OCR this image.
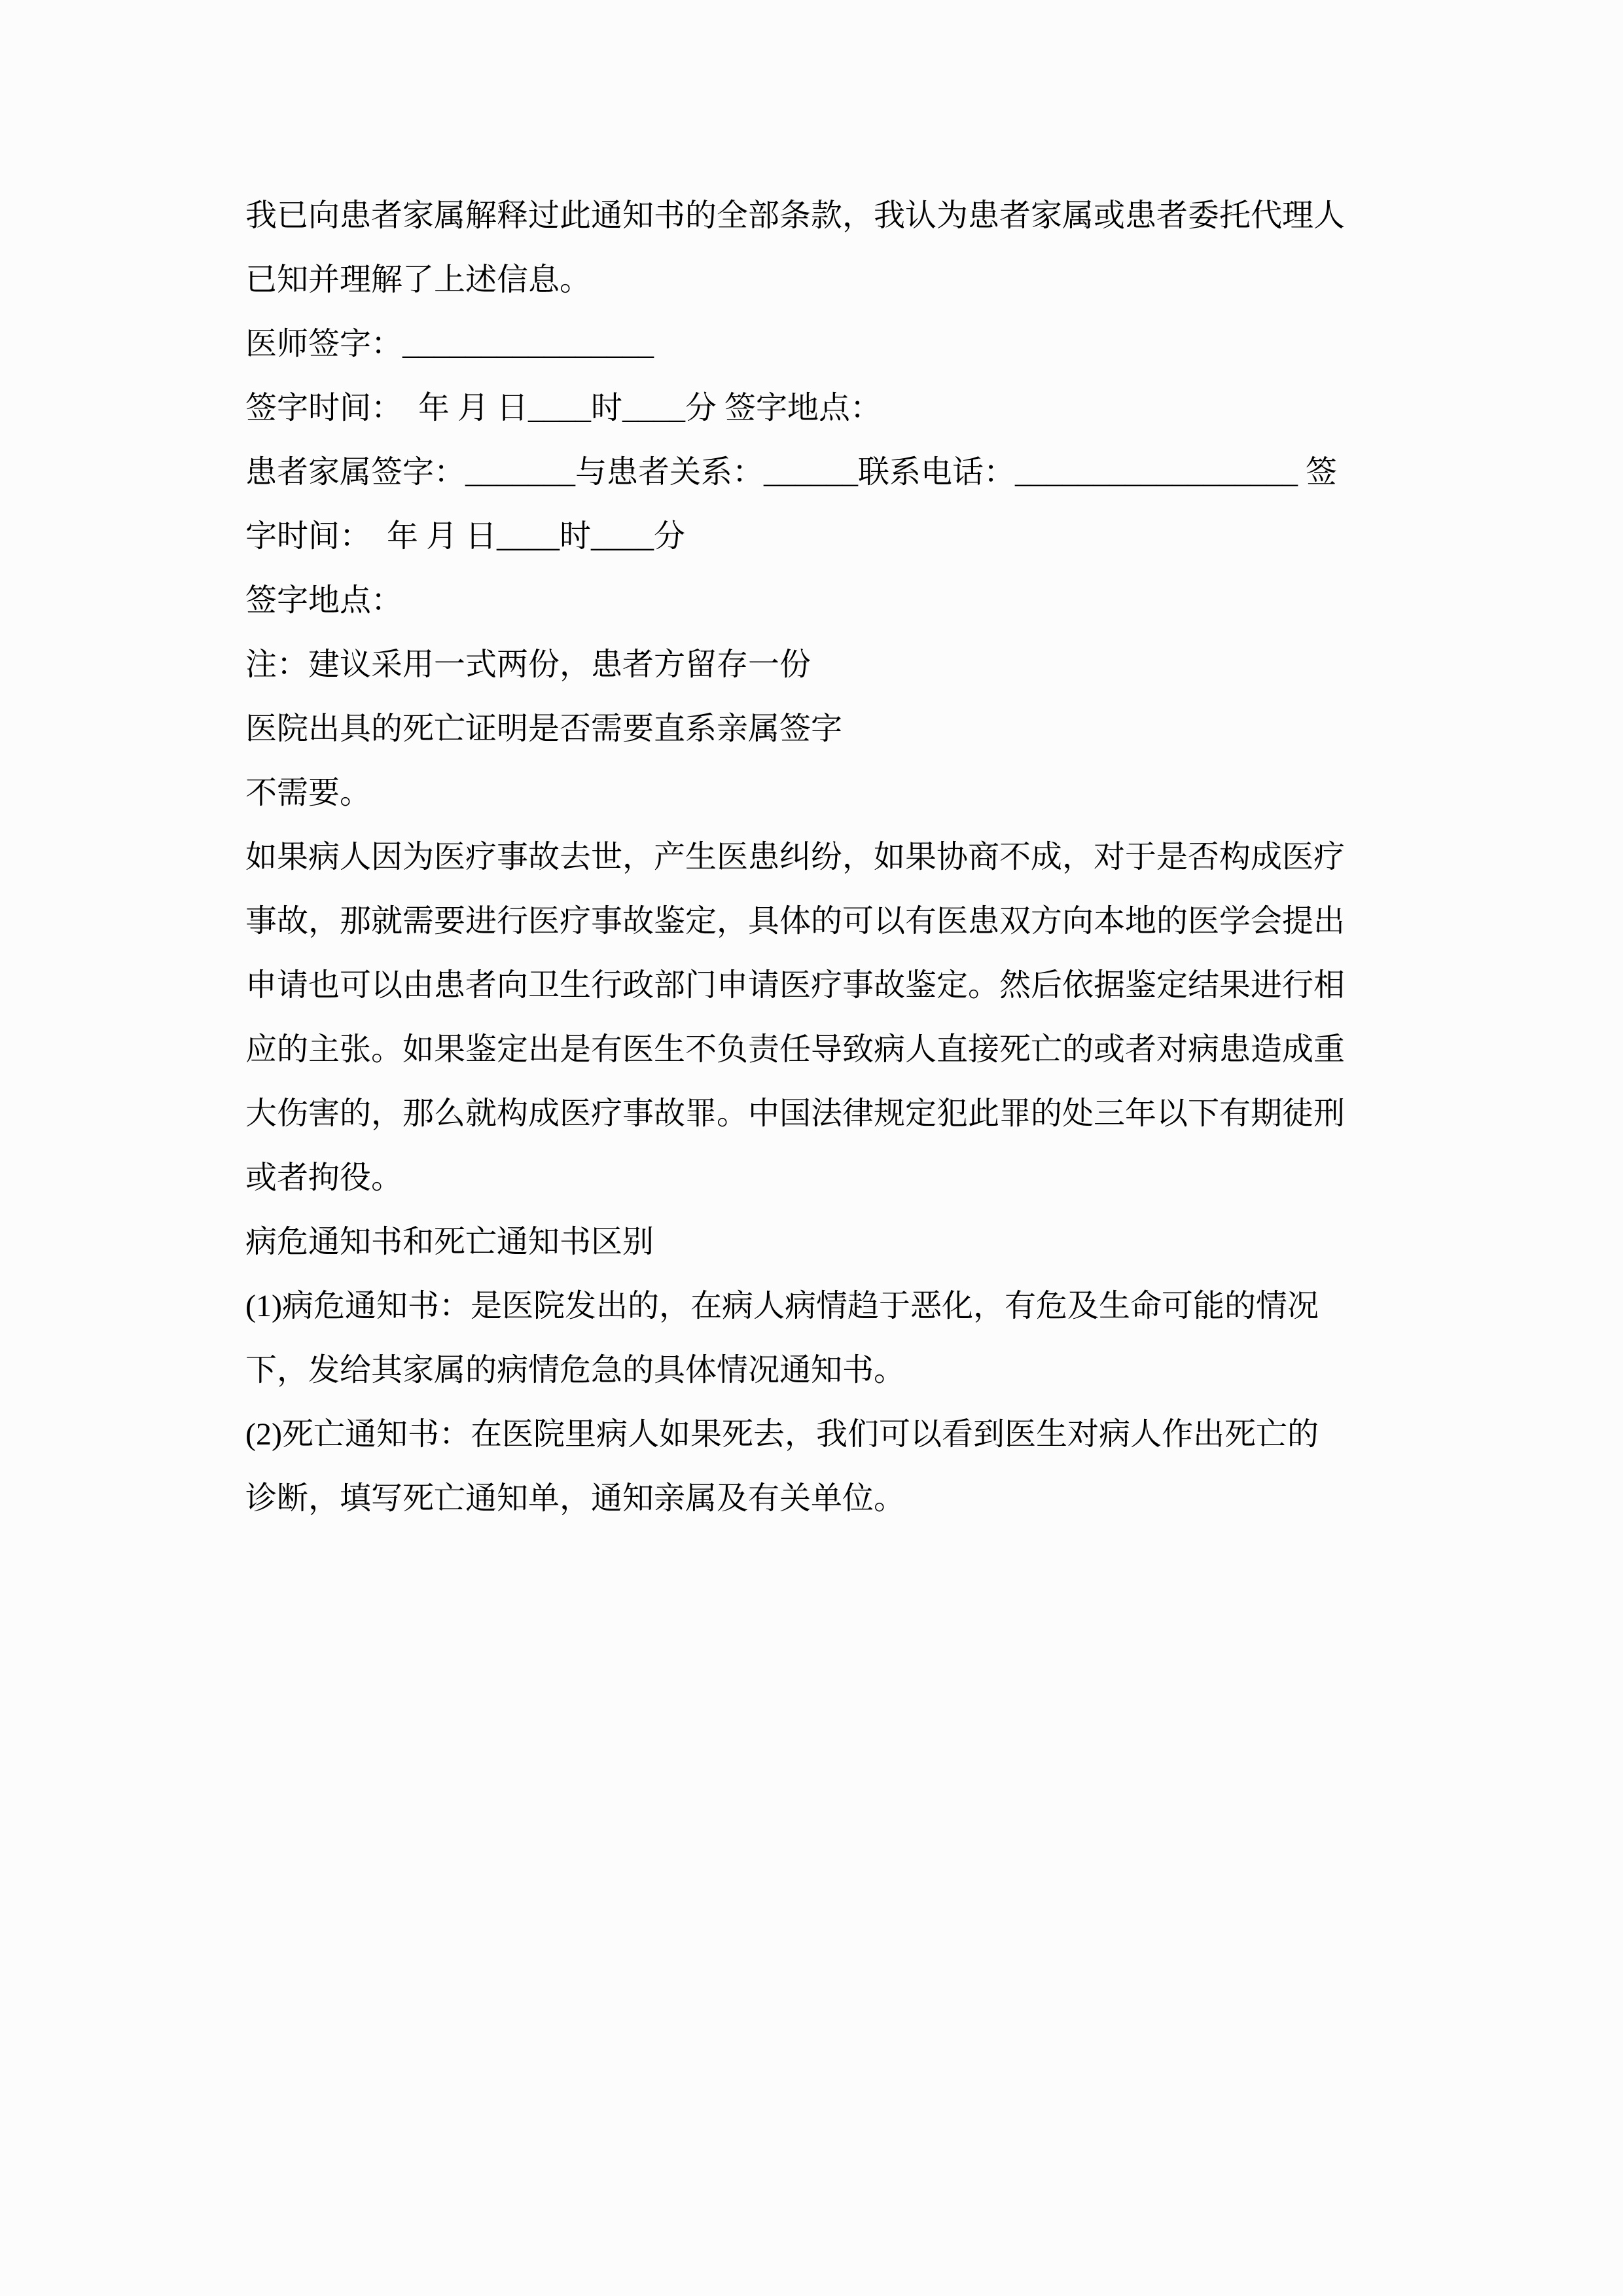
我已向患者家属解释过此通知书的全部条款，我认为患者家属或患者委托代理人
已知并理解了上述信息。
医师签字：________________
签字时间：  年 月 日____时____分 签字地点：
患者家属签字：_______与患者关系：______联系电话：__________________ 签
字时间：  年 月 日____时____分
签字地点：
注：建议采用一式两份，患者方留存一份
医院出具的死亡证明是否需要直系亲属签字
不需要。
如果病人因为医疗事故去世，产生医患纠纷，如果协商不成，对于是否构成医疗
事故，那就需要进行医疗事故鉴定，具体的可以有医患双方向本地的医学会提出
申请也可以由患者向卫生行政部门申请医疗事故鉴定。然后依据鉴定结果进行相
应的主张。如果鉴定出是有医生不负责任导致病人直接死亡的或者对病患造成重
大伤害的，那么就构成医疗事故罪。中国法律规定犯此罪的处三年以下有期徒刑
或者拘役。
病危通知书和死亡通知书区别
(1)病危通知书：是医院发出的，在病人病情趋于恶化，有危及生命可能的情况
下，发给其家属的病情危急的具体情况通知书。
(2)死亡通知书：在医院里病人如果死去，我们可以看到医生对病人作出死亡的
诊断，填写死亡通知单，通知亲属及有关单位。
